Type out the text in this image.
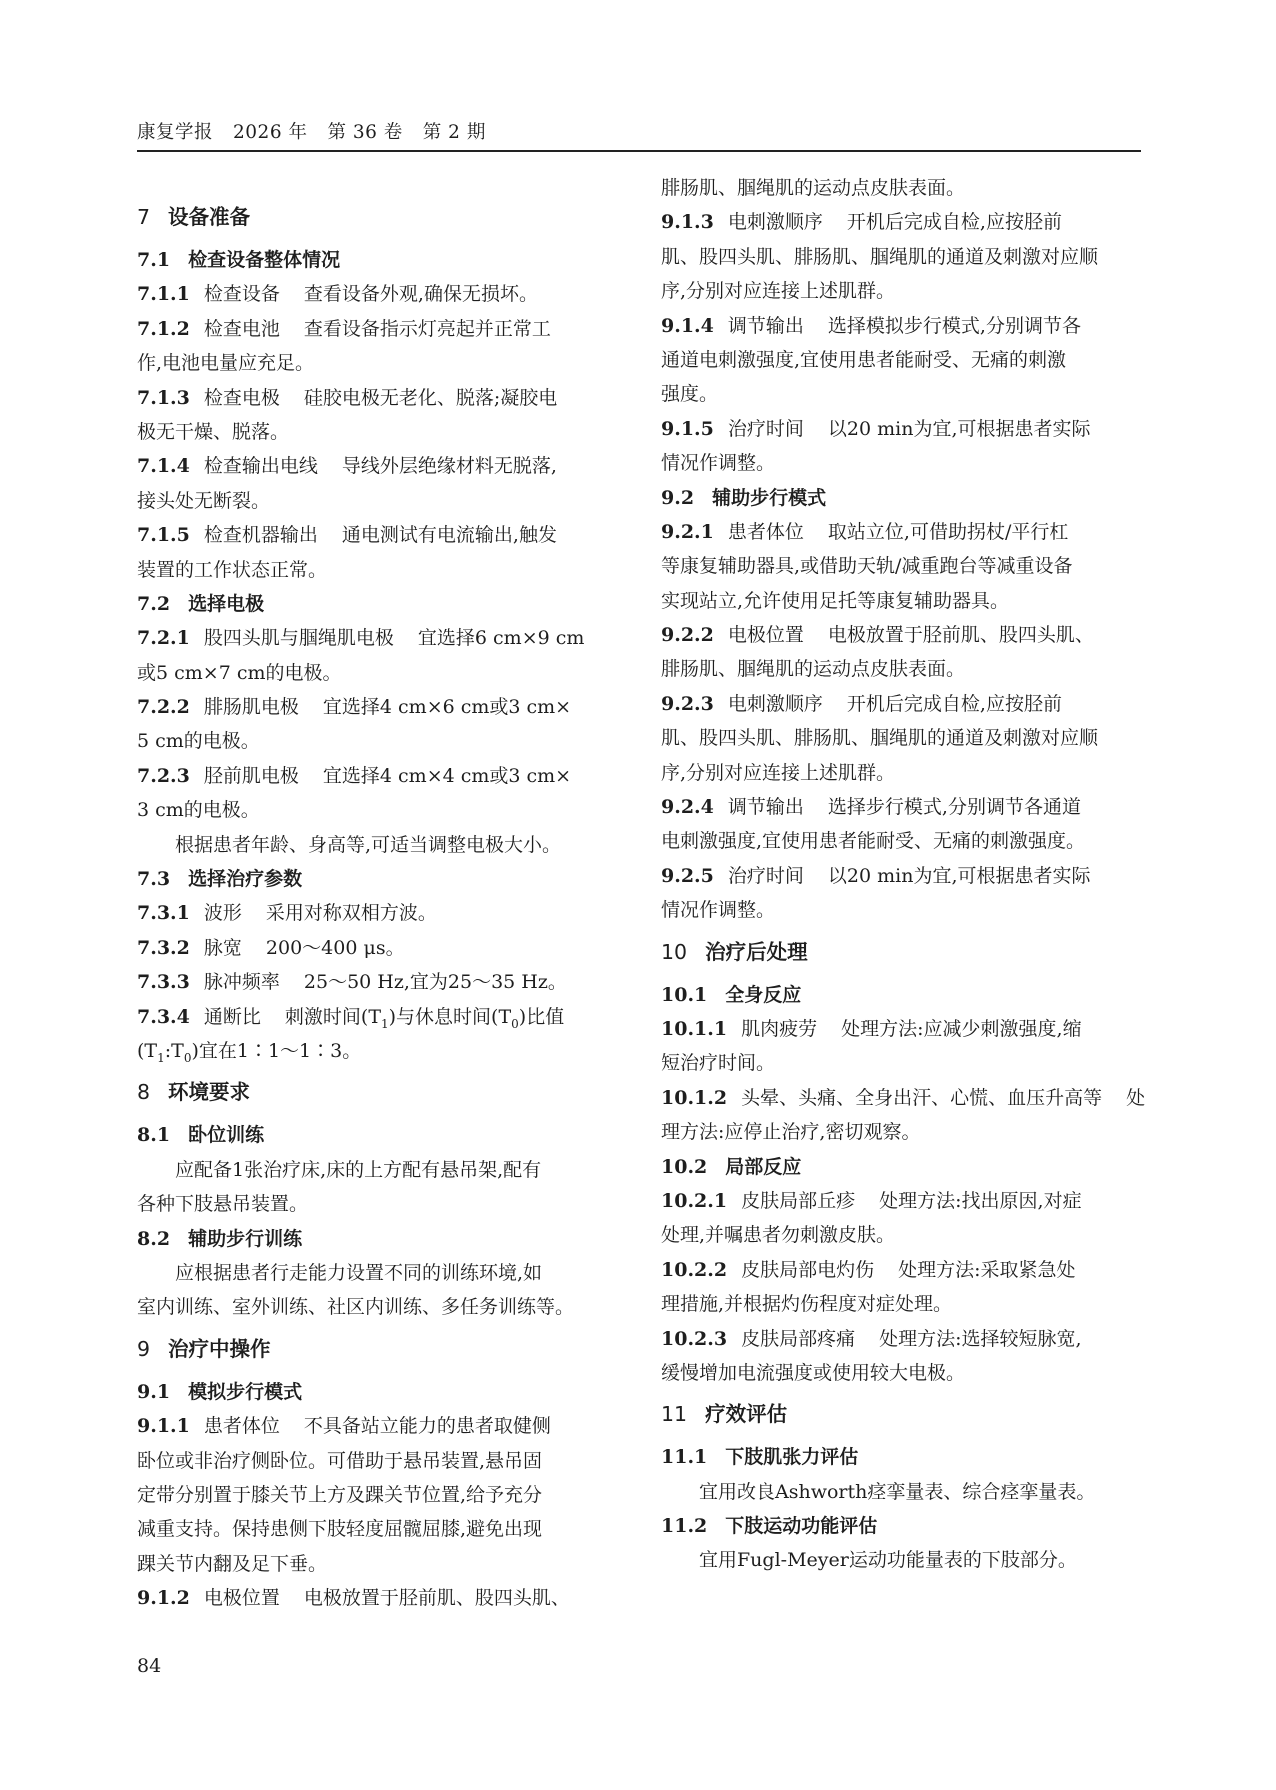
康复学报 2026 年 第 36 卷 第 2 期
7 设备准备
7.1 检查设备整体情况
7.1.1 检查设备 查看设备外观,确保无损坏。
7.1.2 检查电池 查看设备指示灯亮起并正常工
作,电池电量应充足。
7.1.3 检查电极 硅胶电极无老化、脱落;凝胶电
极无干燥、脱落。
7.1.4 检查输出电线 导线外层绝缘材料无脱落,
接头处无断裂。
7.1.5 检查机器输出 通电测试有电流输出,触发
装置的工作状态正常。
7.2 选择电极
7.2.1 股四头肌与腘绳肌电极 宜选择6 cm×9 cm
或5 cm×7 cm的电极。
7.2.2 腓肠肌电极 宜选择4 cm×6 cm或3 cm×
5 cm的电极。
7.2.3 胫前肌电极 宜选择4 cm×4 cm或3 cm×
3 cm的电极。
根据患者年龄、身高等,可适当调整电极大小。
7.3 选择治疗参数
7.3.1 波形 采用对称双相方波。
7.3.2 脉宽 200～400 μs。
7.3.3 脉冲频率 25～50 Hz,宜为25～35 Hz。
7.3.4 通断比 刺激时间$(T_1)$与休息时间$(T_0)$比值
$(T_1:T_0)$宜在1∶1～1∶3。
8 环境要求
8.1 卧位训练
应配备1张治疗床,床的上方配有悬吊架,配有
各种下肢悬吊装置。
8.2 辅助步行训练
应根据患者行走能力设置不同的训练环境,如
室内训练、室外训练、社区内训练、多任务训练等。
9 治疗中操作
9.1 模拟步行模式
9.1.1 患者体位 不具备站立能力的患者取健侧
卧位或非治疗侧卧位。可借助于悬吊装置,悬吊固
定带分别置于膝关节上方及踝关节位置,给予充分
减重支持。保持患侧下肢轻度屈髋屈膝,避免出现
踝关节内翻及足下垂。
9.1.2 电极位置 电极放置于胫前肌、股四头肌、
腓肠肌、腘绳肌的运动点皮肤表面。
9.1.3 电刺激顺序 开机后完成自检,应按胫前
肌、股四头肌、腓肠肌、腘绳肌的通道及刺激对应顺
序,分别对应连接上述肌群。
9.1.4 调节输出 选择模拟步行模式,分别调节各
通道电刺激强度,宜使用患者能耐受、无痛的刺激
强度。
9.1.5 治疗时间 以20 min为宜,可根据患者实际
情况作调整。
9.2 辅助步行模式
9.2.1 患者体位 取站立位,可借助拐杖/平行杠
等康复辅助器具,或借助天轨/减重跑台等减重设备
实现站立,允许使用足托等康复辅助器具。
9.2.2 电极位置 电极放置于胫前肌、股四头肌、
腓肠肌、腘绳肌的运动点皮肤表面。
9.2.3 电刺激顺序 开机后完成自检,应按胫前
肌、股四头肌、腓肠肌、腘绳肌的通道及刺激对应顺
序,分别对应连接上述肌群。
9.2.4 调节输出 选择步行模式,分别调节各通道
电刺激强度,宜使用患者能耐受、无痛的刺激强度。
9.2.5 治疗时间 以20 min为宜,可根据患者实际
情况作调整。
10 治疗后处理
10.1 全身反应
10.1.1 肌肉疲劳 处理方法:应减少刺激强度,缩
短治疗时间。
10.1.2 头晕、头痛、全身出汗、心慌、血压升高等 处
理方法:应停止治疗,密切观察。
10.2 局部反应
10.2.1 皮肤局部丘疹 处理方法:找出原因,对症
处理,并嘱患者勿刺激皮肤。
10.2.2 皮肤局部电灼伤 处理方法:采取紧急处
理措施,并根据灼伤程度对症处理。
10.2.3 皮肤局部疼痛 处理方法:选择较短脉宽,
缓慢增加电流强度或使用较大电极。
11 疗效评估
11.1 下肢肌张力评估
宜用改良Ashworth痉挛量表、综合痉挛量表。
11.2 下肢运动功能评估
宜用Fugl-Meyer运动功能量表的下肢部分。
84
